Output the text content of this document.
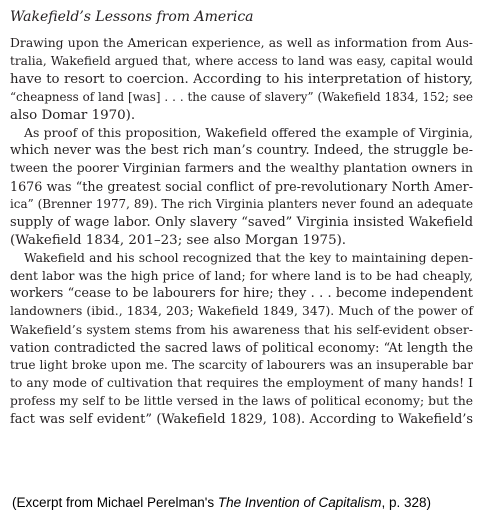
Wakefield’s Lessons from America
Drawing upon the American experience, as well as information from Aus-
tralia, Wakefield argued that, where access to land was easy, capital would
have to resort to coercion. According to his interpretation of history,
“cheapness of land [was] . . . the cause of slavery” (Wakefield 1834, 152; see
also Domar 1970).
As proof of this proposition, Wakefield offered the example of Virginia,
which never was the best rich man’s country. Indeed, the struggle be-
tween the poorer Virginian farmers and the wealthy plantation owners in
1676 was “the greatest social conflict of pre-revolutionary North Amer-
ica” (Brenner 1977, 89). The rich Virginia planters never found an adequate
supply of wage labor. Only slavery “saved” Virginia insisted Wakefield
(Wakefield 1834, 201–23; see also Morgan 1975).
Wakefield and his school recognized that the key to maintaining depen-
dent labor was the high price of land; for where land is to be had cheaply,
workers “cease to be labourers for hire; they . . . become independent
landowners (ibid., 1834, 203; Wakefield 1849, 347). Much of the power of
Wakefield’s system stems from his awareness that his self-evident obser-
vation contradicted the sacred laws of political economy: “At length the
true light broke upon me. The scarcity of labourers was an insuperable bar
to any mode of cultivation that requires the employment of many hands! I
profess my self to be little versed in the laws of political economy; but the
fact was self evident” (Wakefield 1829, 108). According to Wakefield’s
(Excerpt from Michael Perelman's The Invention of Capitalism, p. 328)
